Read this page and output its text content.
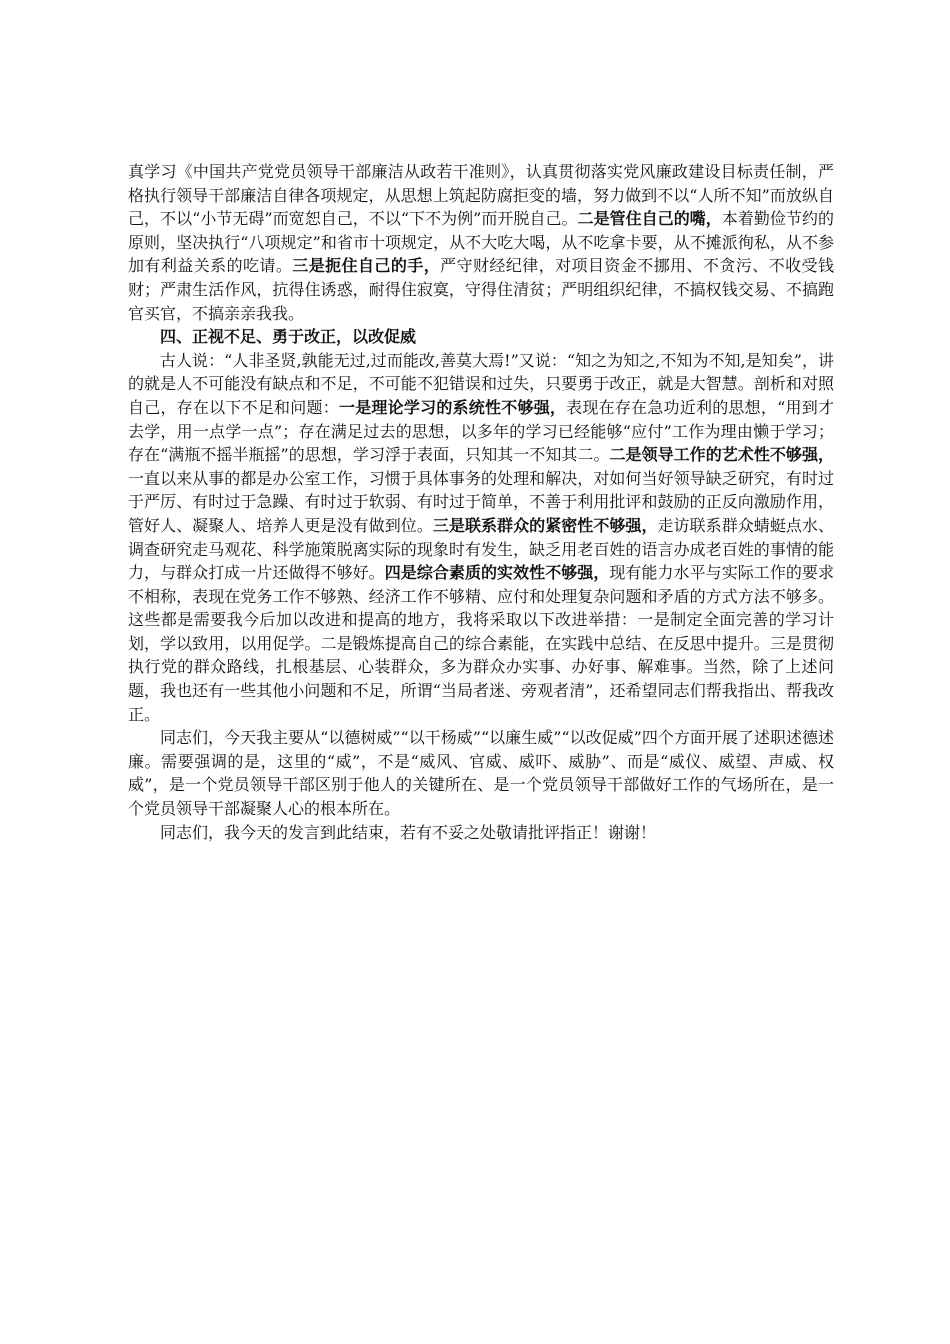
真学习《中国共产党党员领导干部廉洁从政若干准则》，认真贯彻落实党风廉政建设目标责任制，严格执行领导干部廉洁自律各项规定，从思想上筑起防腐拒变的墙，努力做到不以“人所不知”而放纵自己，不以“小节无碍”而宽恕自己，不以“下不为例”而开脱自己。二是管住自己的嘴，本着勤俭节约的原则，坚决执行“八项规定”和省市十项规定，从不大吃大喝，从不吃拿卡要，从不摊派徇私，从不参加有利益关系的吃请。三是扼住自己的手，严守财经纪律，对项目资金不挪用、不贪污、不收受钱财；严肃生活作风，抗得住诱惑，耐得住寂寞，守得住清贫；严明组织纪律，不搞权钱交易、不搞跑官买官，不搞亲亲我我。

四、正视不足、勇于改正，以改促威

古人说：“人非圣贤,孰能无过,过而能改,善莫大焉!”又说：“知之为知之,不知为不知,是知矣”，讲的就是人不可能没有缺点和不足，不可能不犯错误和过失，只要勇于改正，就是大智慧。剖析和对照自己，存在以下不足和问题：一是理论学习的系统性不够强，表现在存在急功近利的思想，“用到才去学，用一点学一点”；存在满足过去的思想，以多年的学习已经能够“应付”工作为理由懒于学习；存在“满瓶不摇半瓶摇”的思想，学习浮于表面，只知其一不知其二。二是领导工作的艺术性不够强，一直以来从事的都是办公室工作，习惯于具体事务的处理和解决，对如何当好领导缺乏研究，有时过于严厉、有时过于急躁、有时过于软弱、有时过于简单，不善于利用批评和鼓励的正反向激励作用，管好人、凝聚人、培养人更是没有做到位。三是联系群众的紧密性不够强，走访联系群众蜻蜓点水、调查研究走马观花、科学施策脱离实际的现象时有发生，缺乏用老百姓的语言办成老百姓的事情的能力，与群众打成一片还做得不够好。四是综合素质的实效性不够强，现有能力水平与实际工作的要求不相称，表现在党务工作不够熟、经济工作不够精、应付和处理复杂问题和矛盾的方式方法不够多。这些都是需要我今后加以改进和提高的地方，我将采取以下改进举措：一是制定全面完善的学习计划，学以致用，以用促学。二是锻炼提高自己的综合素能，在实践中总结、在反思中提升。三是贯彻执行党的群众路线，扎根基层、心装群众，多为群众办实事、办好事、解难事。当然，除了上述问题，我也还有一些其他小问题和不足，所谓“当局者迷、旁观者清”，还希望同志们帮我指出、帮我改正。

同志们，今天我主要从“以德树威”“以干杨威”“以廉生威”“以改促威”四个方面开展了述职述德述廉。需要强调的是，这里的“威”，不是“威风、官威、威吓、威胁”、而是“威仪、威望、声威、权威”，是一个党员领导干部区别于他人的关键所在、是一个党员领导干部做好工作的气场所在，是一个党员领导干部凝聚人心的根本所在。

同志们，我今天的发言到此结束，若有不妥之处敬请批评指正！谢谢！
